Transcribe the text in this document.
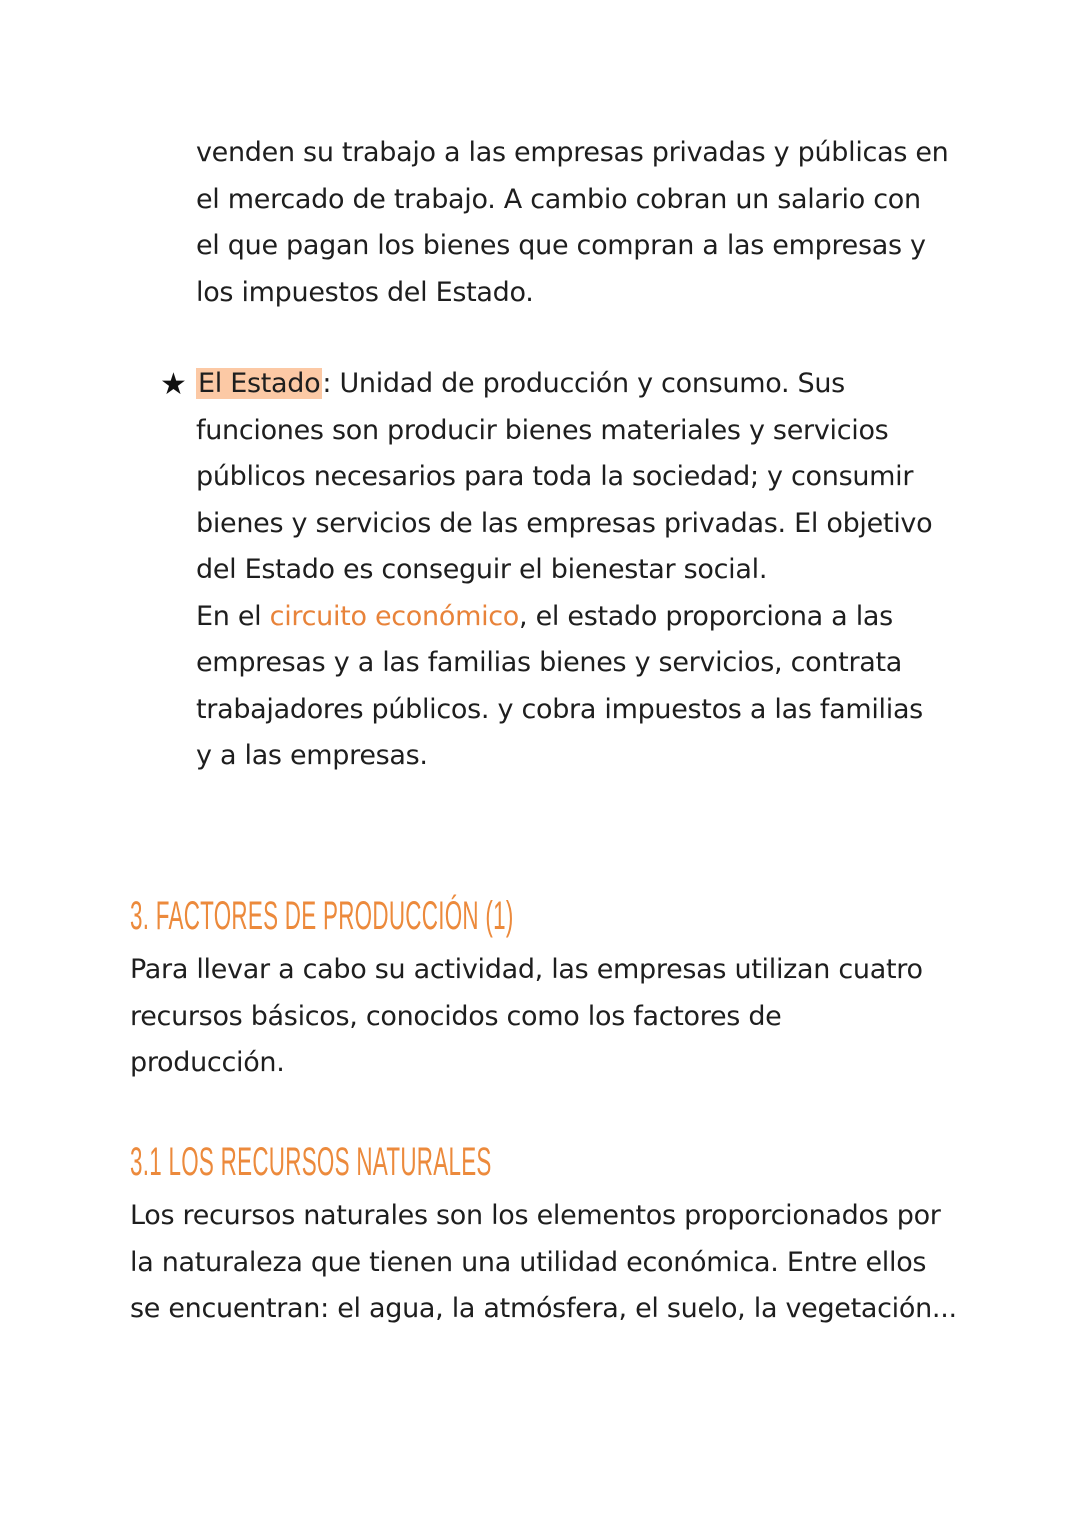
venden su trabajo a las empresas privadas y públicas en
el mercado de trabajo. A cambio cobran un salario con
el que pagan los bienes que compran a las empresas y
los impuestos del Estado.
★ El Estado: Unidad de producción y consumo. Sus
funciones son producir bienes materiales y servicios
públicos necesarios para toda la sociedad; y consumir
bienes y servicios de las empresas privadas. El objetivo
del Estado es conseguir el bienestar social.
En el circuito económico, el estado proporciona a las
empresas y a las familias bienes y servicios, contrata
trabajadores públicos. y cobra impuestos a las familias
y a las empresas.
3. FACTORES DE PRODUCCIÓN (1)
Para llevar a cabo su actividad, las empresas utilizan cuatro
recursos básicos, conocidos como los factores de
producción.
3.1 LOS RECURSOS NATURALES
Los recursos naturales son los elementos proporcionados por
la naturaleza que tienen una utilidad económica. Entre ellos
se encuentran: el agua, la atmósfera, el suelo, la vegetación...
